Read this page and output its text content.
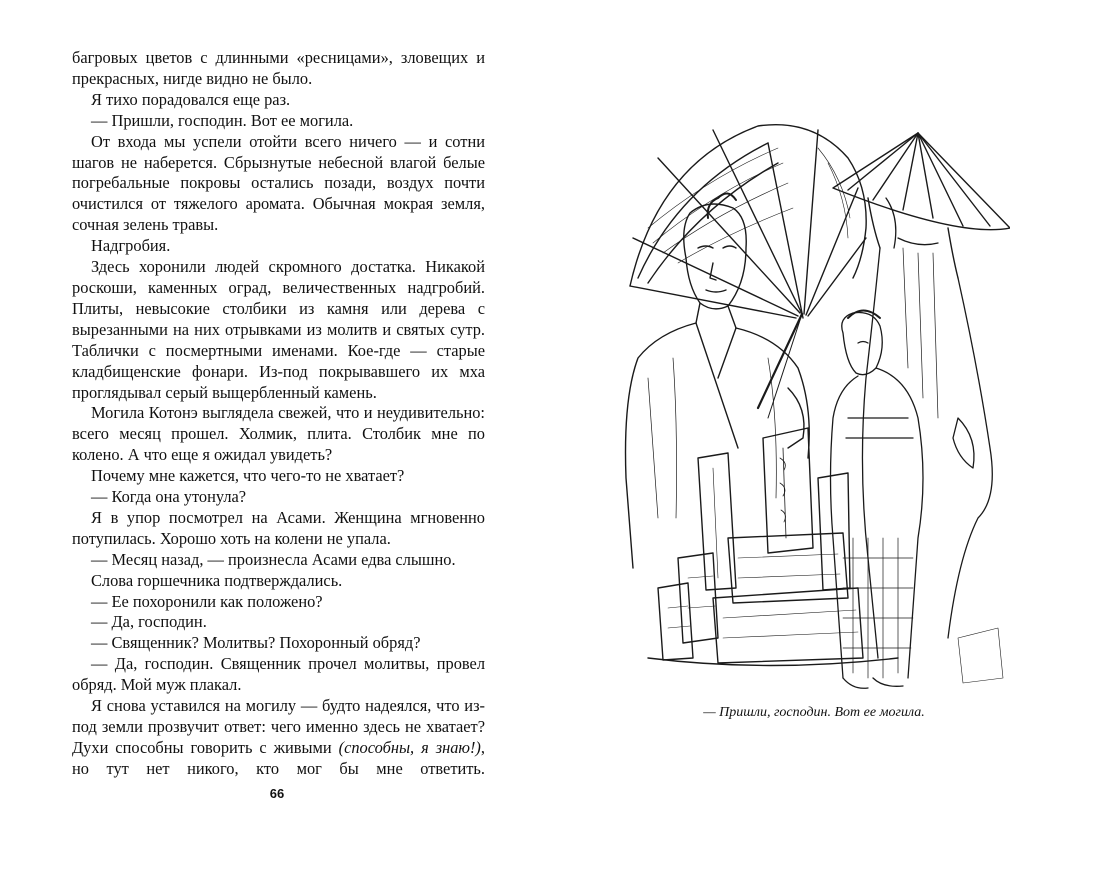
багровых цветов с длинными «ресницами», зловещих и прекрасных, нигде видно не было.

Я тихо порадовался еще раз.

— Пришли, господин. Вот ее могила.

От входа мы успели отойти всего ничего — и сотни шагов не наберется. Сбрызнутые небесной влагой белые погребальные покровы остались позади, воздух почти очистился от тяжелого аромата. Обычная мокрая земля, сочная зелень травы.

Надгробия.

Здесь хоронили людей скромного достатка. Никакой роскоши, каменных оград, величественных надгробий. Плиты, невысокие столбики из камня или дерева с вырезанными на них отрывками из молитв и святых сутр. Таблички с посмертными именами. Кое-где — старые кладбищенские фонари. Из-под покрывавшего их мха проглядывал серый выщербленный камень.

Могила Котонэ выглядела свежей, что и неудивительно: всего месяц прошел. Холмик, плита. Столбик мне по колено. А что еще я ожидал увидеть?

Почему мне кажется, что чего-то не хватает?

— Когда она утонула?

Я в упор посмотрел на Асами. Женщина мгновенно потупилась. Хорошо хоть на колени не упала.

— Месяц назад, — произнесла Асами едва слышно.

Слова горшечника подтверждались.

— Ее похоронили как положено?

— Да, господин.

— Священник? Молитвы? Похоронный обряд?

— Да, господин. Священник прочел молитвы, провел обряд. Мой муж плакал.

Я снова уставился на могилу — будто надеялся, что из-под земли прозвучит ответ: чего именно здесь не хватает? Духи способны говорить с живыми (способны, я знаю!), но тут нет никого, кто мог бы мне ответить.

66
— Пришли, господин. Вот ее могила.
